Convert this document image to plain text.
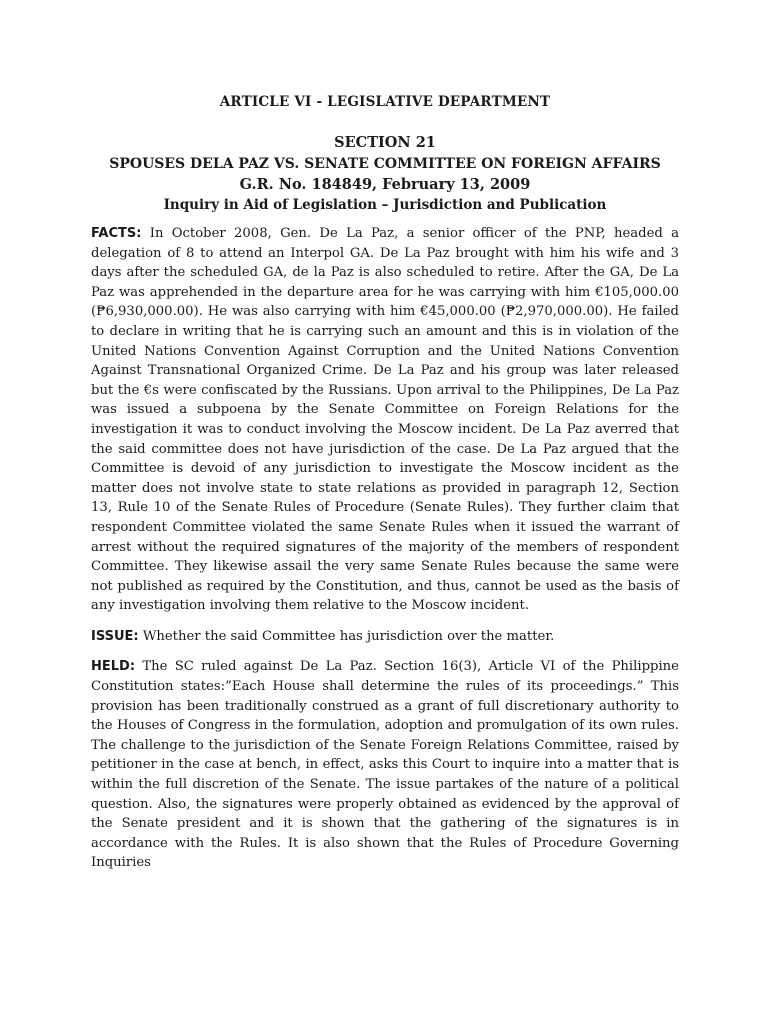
ARTICLE VI - LEGISLATIVE DEPARTMENT
SECTION 21
SPOUSES DELA PAZ VS. SENATE COMMITTEE ON FOREIGN AFFAIRS
G.R. No. 184849, February 13, 2009
Inquiry in Aid of Legislation – Jurisdiction and Publication

FACTS: In October 2008, Gen. De La Paz, a senior officer of the PNP, headed a delegation of 8 to attend an Interpol GA. De La Paz brought with him his wife and 3 days after the scheduled GA, de la Paz is also scheduled to retire. After the GA, De La Paz was apprehended in the departure area for he was carrying with him €105,000.00 (₱6,930,000.00). He was also carrying with him €45,000.00 (₱2,970,000.00). He failed to declare in writing that he is carrying such an amount and this is in violation of the United Nations Convention Against Corruption and the United Nations Convention Against Transnational Organized Crime. De La Paz and his group was later released but the €s were confiscated by the Russians. Upon arrival to the Philippines, De La Paz was issued a subpoena by the Senate Committee on Foreign Relations for the investigation it was to conduct involving the Moscow incident. De La Paz averred that the said committee does not have jurisdiction of the case. De La Paz argued that the Committee is devoid of any jurisdiction to investigate the Moscow incident as the matter does not involve state to state relations as provided in paragraph 12, Section 13, Rule 10 of the Senate Rules of Procedure (Senate Rules). They further claim that respondent Committee violated the same Senate Rules when it issued the warrant of arrest without the required signatures of the majority of the members of respondent Committee. They likewise assail the very same Senate Rules because the same were not published as required by the Constitution, and thus, cannot be used as the basis of any investigation involving them relative to the Moscow incident.

ISSUE: Whether the said Committee has jurisdiction over the matter.

HELD: The SC ruled against De La Paz. Section 16(3), Article VI of the Philippine Constitution states:”Each House shall determine the rules of its proceedings.” This provision has been traditionally construed as a grant of full discretionary authority to the Houses of Congress in the formulation, adoption and promulgation of its own rules. The challenge to the jurisdiction of the Senate Foreign Relations Committee, raised by petitioner in the case at bench, in effect, asks this Court to inquire into a matter that is within the full discretion of the Senate. The issue partakes of the nature of a political question. Also, the signatures were properly obtained as evidenced by the approval of the Senate president and it is shown that the gathering of the signatures is in accordance with the Rules. It is also shown that the Rules of Procedure Governing Inquiries
